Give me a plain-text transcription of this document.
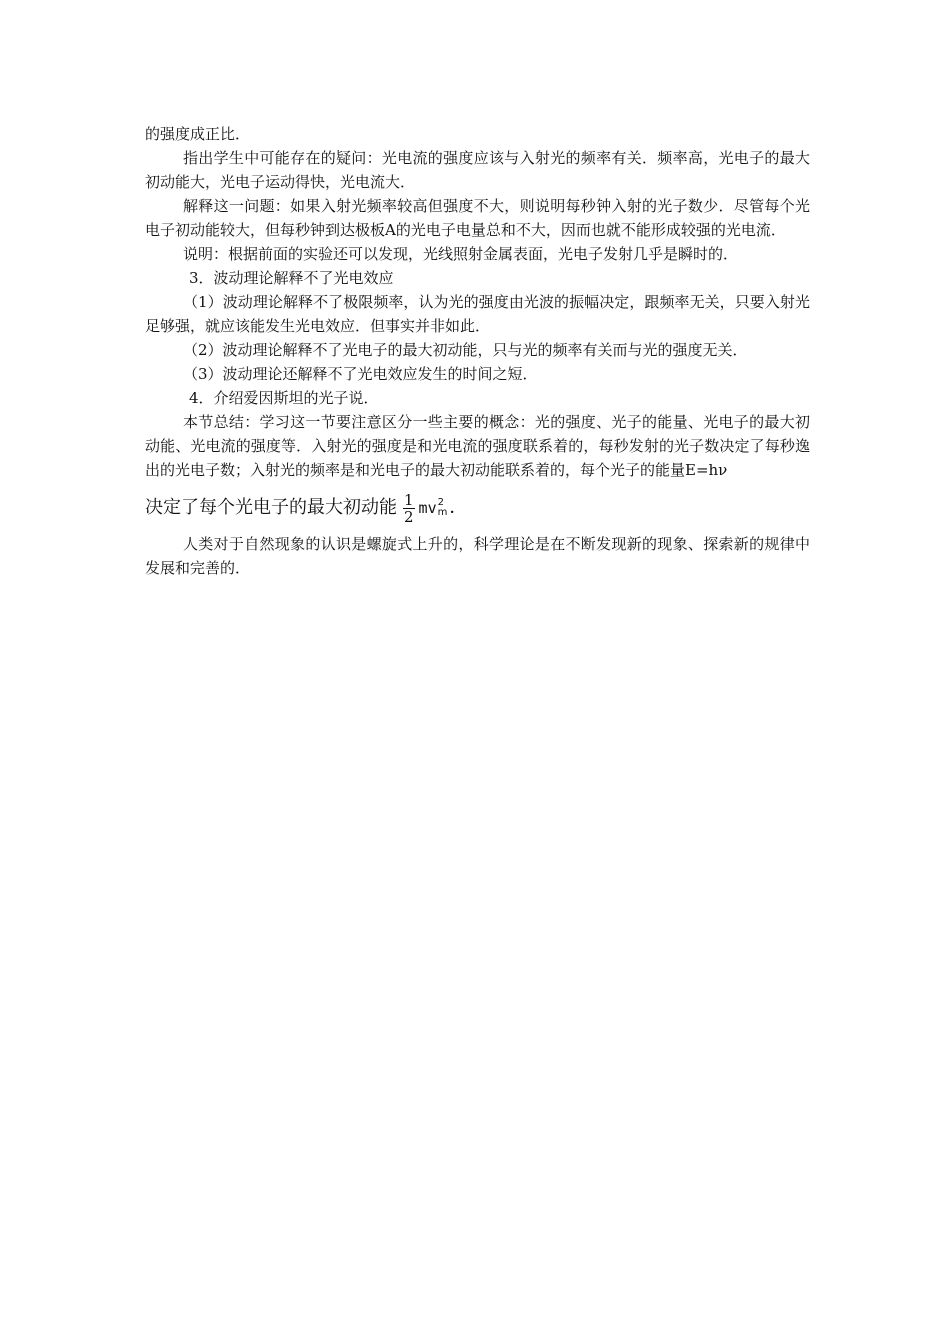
的强度成正比．

指出学生中可能存在的疑问：光电流的强度应该与入射光的频率有关．频率高，光电子的最大初动能大，光电子运动得快，光电流大．

解释这一问题：如果入射光频率较高但强度不大，则说明每秒钟入射的光子数少．尽管每个光电子初动能较大，但每秒钟到达极板A的光电子电量总和不大，因而也就不能形成较强的光电流．

说明：根据前面的实验还可以发现，光线照射金属表面，光电子发射几乎是瞬时的．

3．波动理论解释不了光电效应

（1）波动理论解释不了极限频率，认为光的强度由光波的振幅决定，跟频率无关，只要入射光足够强，就应该能发生光电效应．但事实并非如此．

（2）波动理论解释不了光电子的最大初动能，只与光的频率有关而与光的强度无关．

（3）波动理论还解释不了光电效应发生的时间之短．

4．介绍爱因斯坦的光子说．

本节总结：学习这一节要注意区分一些主要的概念：光的强度、光子的能量、光电子的最大初动能、光电流的强度等．入射光的强度是和光电流的强度联系着的，每秒发射的光子数决定了每秒逸出的光电子数；入射光的频率是和光电子的最大初动能联系着的，每个光子的能量E=hν

决定了每个光电子的最大初动能 $\frac{1}{2}$ mv 2
m ．

人类对于自然现象的认识是螺旋式上升的，科学理论是在不断发现新的现象、探索新的规律中发展和完善的．
